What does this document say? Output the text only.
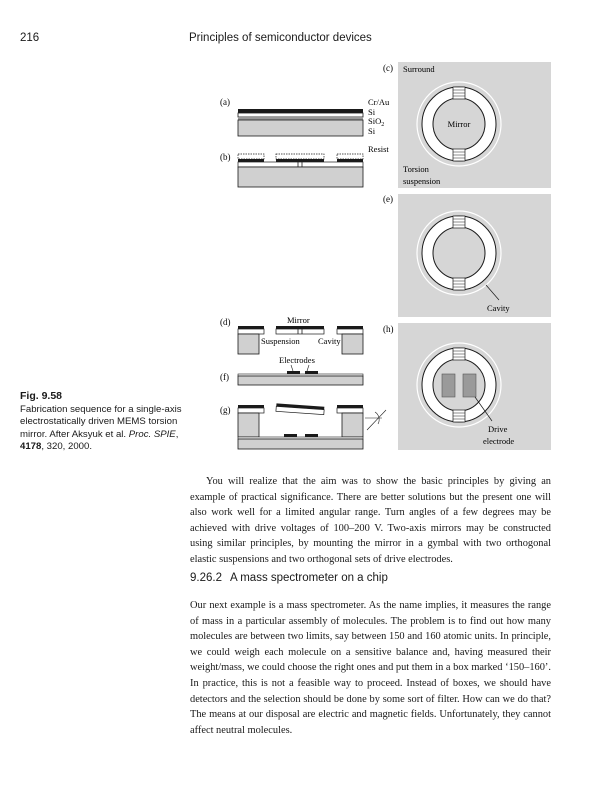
216	Principles of semiconductor devices
(a)	Cr/Au
Si
SiO$_2$
Si
(b)
Resist
(c) Surround
Mirror
Torsion
suspension
(e)
Cavity
(d)	Mirror
Suspension Cavity
Electrodes
(f)
(g)
(h)
Drive
electrode
Fig. 9.58
Fabrication sequence for a single-axis electrostatically driven MEMS torsion mirror. After Aksyuk et al. Proc. SPIE, 4178, 320, 2000.

You will realize that the aim was to show the basic principles by giving an example of practical significance. There are better solutions but the present one will also work well for a limited angular range. Turn angles of a few degrees may be achieved with drive voltages of 100–200 V. Two-axis mirrors may be constructed using similar principles, by mounting the mirror in a gymbal with two orthogonal elastic suspensions and two orthogonal sets of drive electrodes.

9.26.2 A mass spectrometer on a chip

Our next example is a mass spectrometer. As the name implies, it measures the range of mass in a particular assembly of molecules. The problem is to find out how many molecules are between two limits, say between 150 and 160 atomic units. In principle, we could weigh each molecule on a sensitive balance and, having measured their weight/mass, we could choose the right ones and put them in a box marked ‘150–160’. In practice, this is not a feasible way to proceed. Instead of boxes, we should have detectors and the selection should be done by some sort of filter. How can we do that? The means at our disposal are electric and magnetic fields. Unfortunately, they cannot affect neutral molecules.
